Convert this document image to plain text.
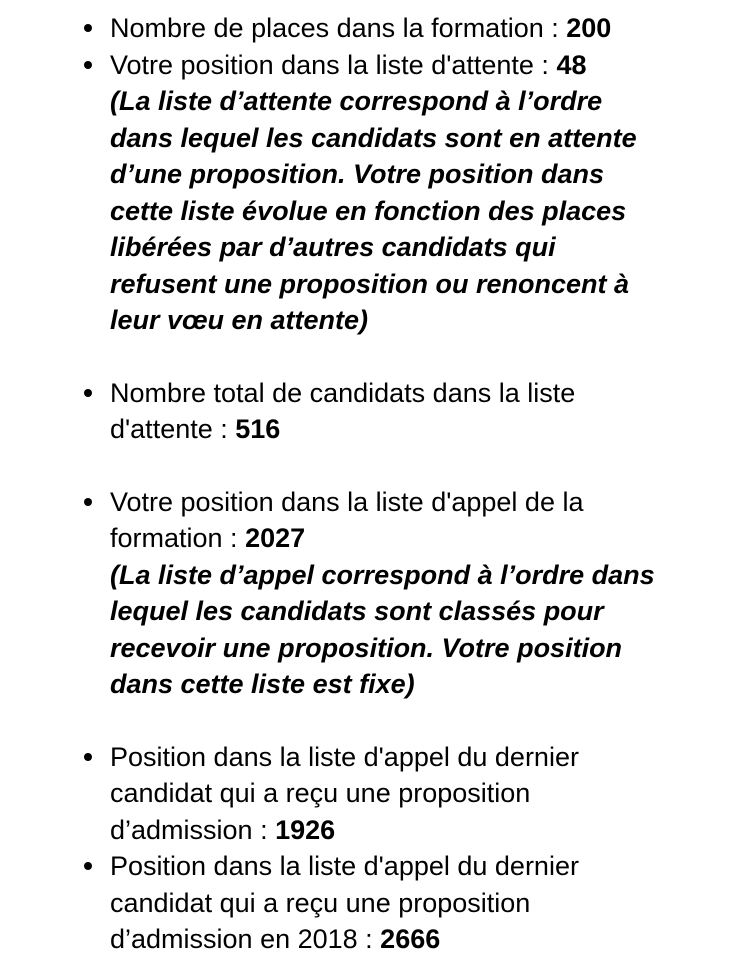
Nombre de places dans la formation : 200
Votre position dans la liste d'attente : 48
(La liste d’attente correspond à l’ordre dans lequel les candidats sont en attente d’une proposition. Votre position dans cette liste évolue en fonction des places libérées par d’autres candidats qui refusent une proposition ou renoncent à leur vœu en attente)
Nombre total de candidats dans la liste d'attente : 516
Votre position dans la liste d'appel de la formation : 2027
(La liste d’appel correspond à l’ordre dans lequel les candidats sont classés pour recevoir une proposition. Votre position dans cette liste est fixe)
Position dans la liste d'appel du dernier candidat qui a reçu une proposition d’admission : 1926
Position dans la liste d'appel du dernier candidat qui a reçu une proposition d’admission en 2018 : 2666
